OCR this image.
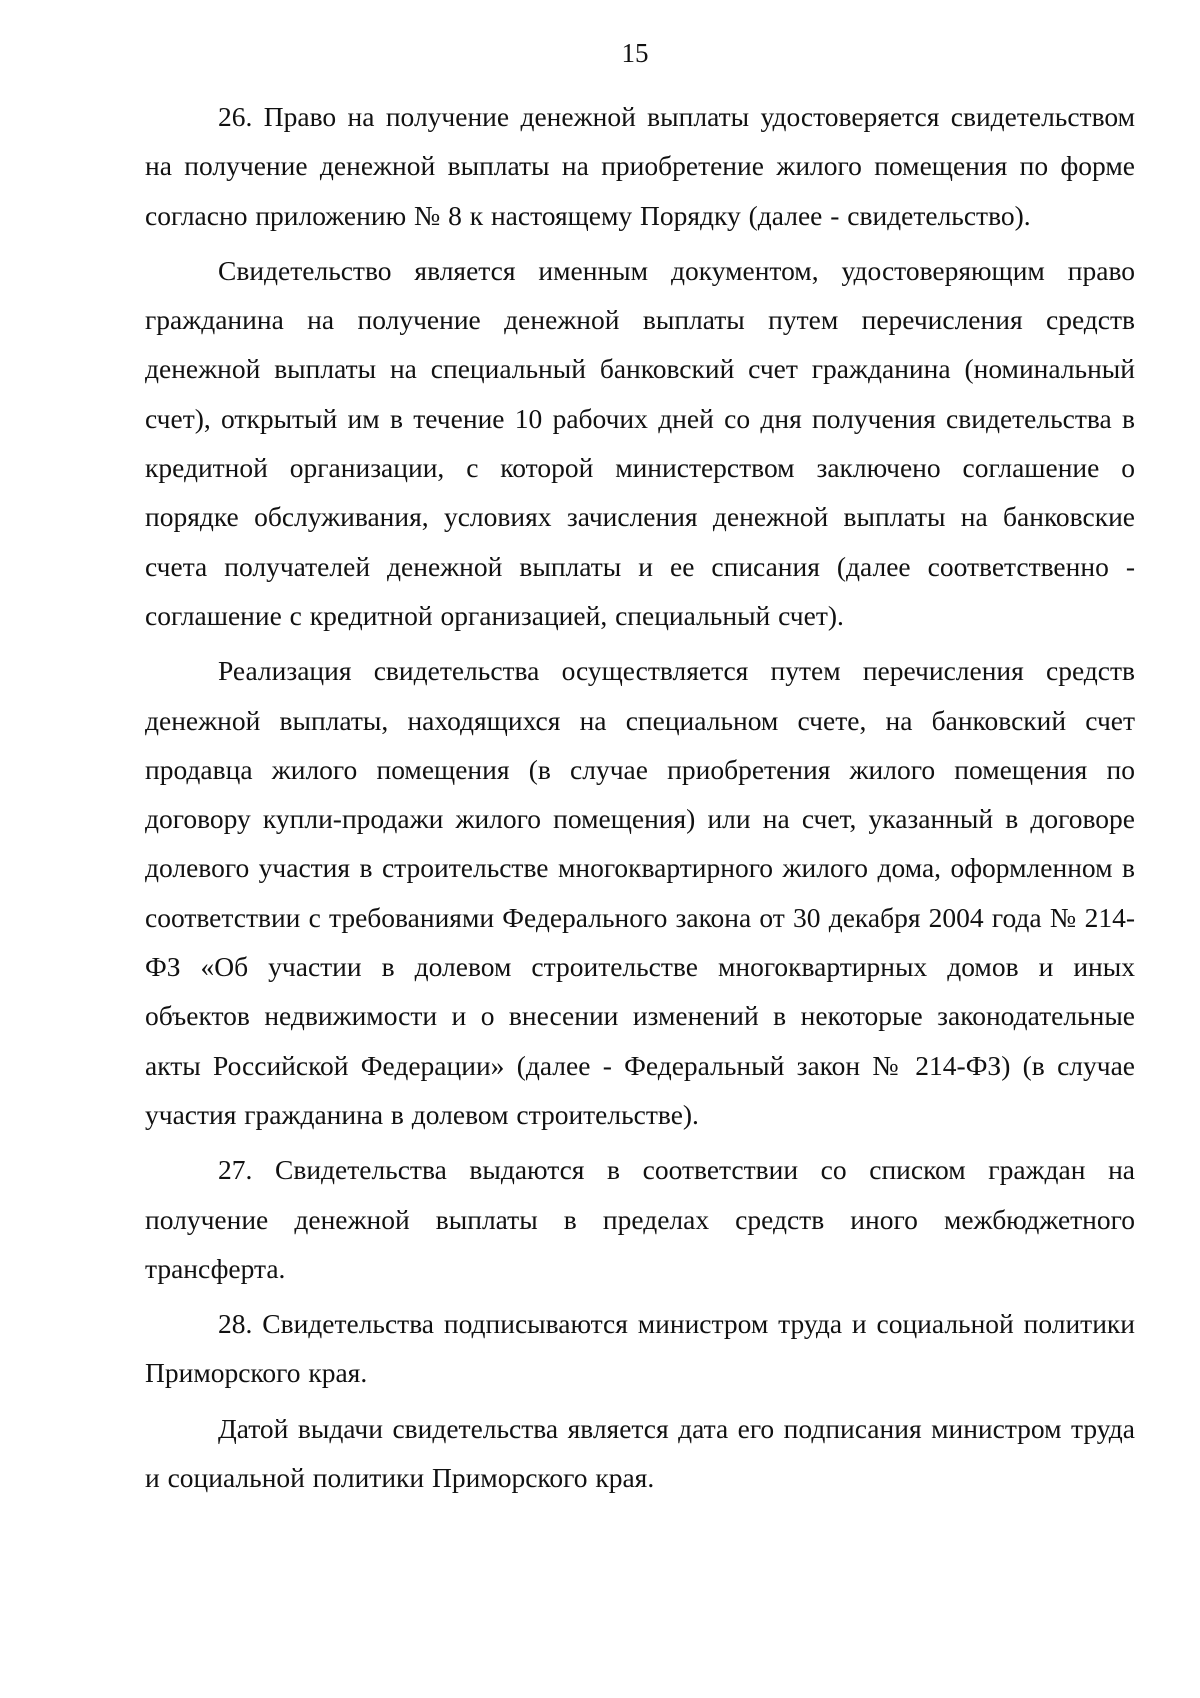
15

26. Право на получение денежной выплаты удостоверяется свидетельством на получение денежной выплаты на приобретение жилого помещения по форме согласно приложению № 8 к настоящему Порядку (далее - свидетельство).

Свидетельство является именным документом, удостоверяющим право гражданина на получение денежной выплаты путем перечисления средств денежной выплаты на специальный банковский счет гражданина (номинальный счет), открытый им в течение 10 рабочих дней со дня получения свидетельства в кредитной организации, с которой министерством заключено соглашение о порядке обслуживания, условиях зачисления денежной выплаты на банковские счета получателей денежной выплаты и ее списания (далее соответственно - соглашение с кредитной организацией, специальный счет).

Реализация свидетельства осуществляется путем перечисления средств денежной выплаты, находящихся на специальном счете, на банковский счет продавца жилого помещения (в случае приобретения жилого помещения по договору купли-продажи жилого помещения) или на счет, указанный в договоре долевого участия в строительстве многоквартирного жилого дома, оформленном в соответствии с требованиями Федерального закона от 30 декабря 2004 года № 214-ФЗ «Об участии в долевом строительстве многоквартирных домов и иных объектов недвижимости и о внесении изменений в некоторые законодательные акты Российской Федерации» (далее - Федеральный закон № 214-ФЗ) (в случае участия гражданина в долевом строительстве).

27. Свидетельства выдаются в соответствии со списком граждан на получение денежной выплаты в пределах средств иного межбюджетного трансферта.

28. Свидетельства подписываются министром труда и социальной политики Приморского края.

Датой выдачи свидетельства является дата его подписания министром труда и социальной политики Приморского края.
